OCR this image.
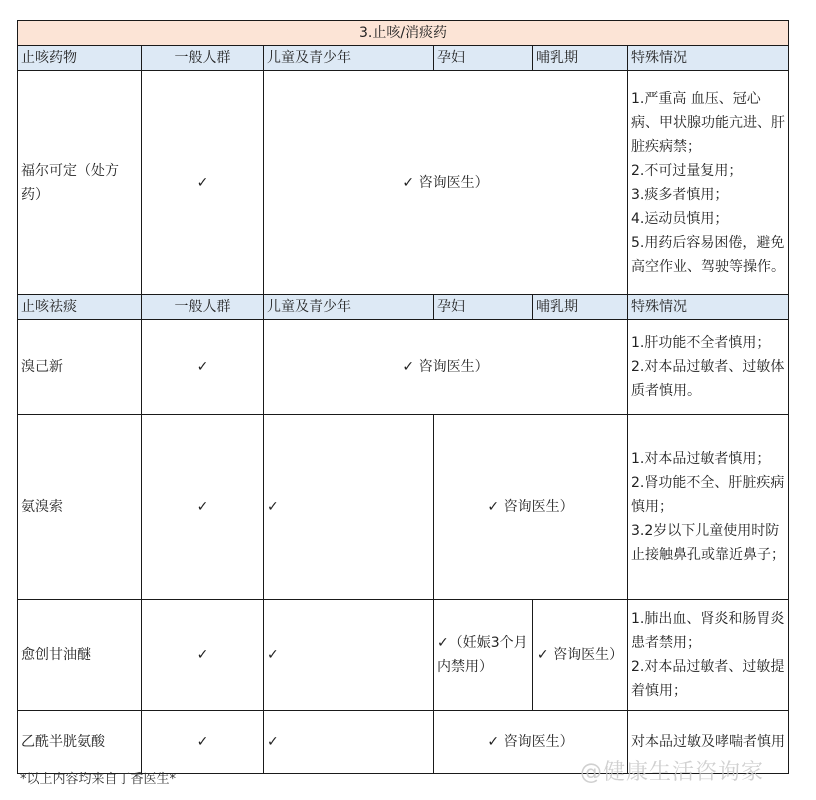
3.止咳/消痰药					
止咳药物	一般人群	儿童及青少年	孕妇	哺乳期	特殊情况
福尔可定（处方药）	✓	✓ 咨询医生）			1.严重高 血压、冠心病、甲状腺功能亢进、肝脏疾病禁；
2.不可过量复用；
3.痰多者慎用；
4.运动员慎用；
5.用药后容易困倦，避免高空作业、驾驶等操作。

止咳祛痰	一般人群	儿童及青少年	孕妇	哺乳期	特殊情况
溴己新	✓	✓ 咨询医生）			1.肝功能不全者慎用；
2.对本品过敏者、过敏体质者慎用。

氨溴索	✓	✓	✓ 咨询医生）		1.对本品过敏者慎用；
2.肾功能不全、肝脏疾病慎用；
3.2岁以下儿童使用时防止接触鼻孔或靠近鼻子；

愈创甘油醚	✓	✓	✓（妊娠3个月内禁用）	✓ 咨询医生）	1.肺出血、肾炎和肠胃炎患者禁用；
2.对本品过敏者、过敏提着慎用；

乙酰半胱氨酸	✓	✓	✓ 咨询医生）		对本品过敏及哮喘者慎用
*以上内容均来自丁香医生*	@健康生活咨询家
